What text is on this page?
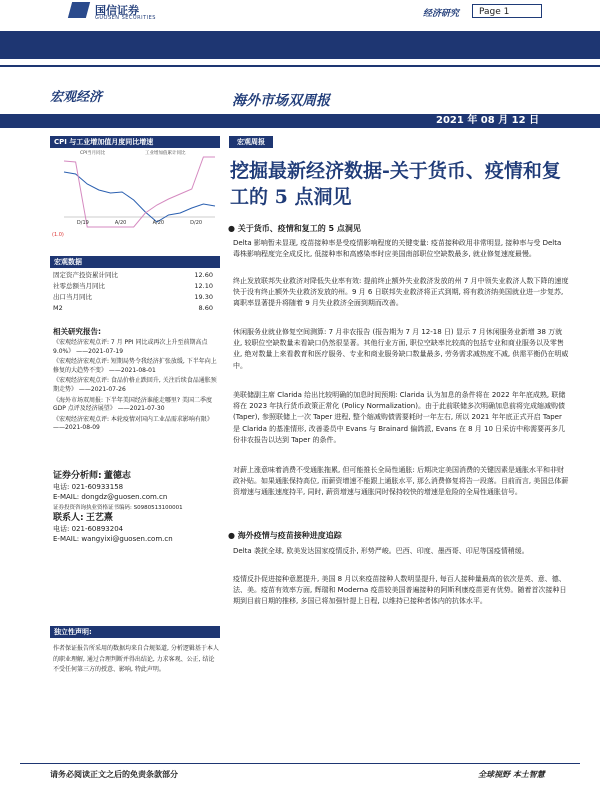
国信证券
GUOSEN SECURITIES	经济研究	Page 1
宏观经济	海外市场双周报
2021 年 08 月 12 日
CPI 与工业增加值月度同比增速
CPI当月同比	工业增加值累计同比
D/19	A/20	A/20	D/20
(1.0)
宏观数据
固定资产投资累计同比	12.60
社零总额当月同比	12.10
出口当月同比	19.30
M2	8.60
相关研究报告:
《宏观经济宏观点评: 7 月 PPI 同比或再次上升至前期高点 9.0%》 ——2021-07-19
《宏观经济宏观点评: 短期局势令我经济扩张放缓, 下半年向上修复的大趋势不变》 ——2021-08-01
《宏观经济宏观点评: 食品价格止跌回升, 关注后续食品通胀预期走势》 ——2021-07-26
《海外市场双周报: 下半年美国经济谁能走哪里? 美国二季度 GDP 点评及经济展望》 ——2021-07-30
《宏观经济宏观点评: 本轮疫情对国内工业品需求影响有限》 ——2021-08-09
证券分析师: 董德志
电话: 021-60933158
E-MAIL: dongdz@guosen.com.cn
证券投资咨询执业资格证书编码: S0980513100001
联系人: 王艺熹
电话: 021-60893204
E-MAIL: wangyixi@guosen.com.cn
独立性声明:
作者保证报告所采用的数据均来自合规渠道, 分析逻辑基于本人的职业理解, 通过合理判断并得出结论, 力求客观、公正, 结论不受任何第三方的授意、影响, 特此声明。
宏观周报
挖掘最新经济数据-关于货币、疫情和复工的 5 点洞见
● 关于货币、疫情和复工的 5 点洞见
Delta 影响暂未显现, 疫苗接种率是受疫情影响程度的关键变量: 疫苗接种政用非常明显, 接种率与受 Delta 毒株影响程度完全成反比, 低接种率和高感染率时应美国南部职位空缺数最多, 就业修复速度最慢。
终止发放联邦失业救济对降低失业率有效: 提前终止额外失业救济发放的州 7 月中领失业救济人数下降的速度快于没有终止额外失业救济发放的州。9 月 6 日联邦失业救济将正式到期, 将有救济纳美国就业进一步复苏, 离职率显著提升将随着 9 月失业救济全面到期而改善。
休闲服务业就业修复空间测算: 7 月非农报告 (报告期为 7 月 12-18 日) 显示 7 月休闲服务业新增 38 万就业, 较职位空缺数量未看缺口仍然很显著。其他行业方面, 职位空缺率比较高的包括专业和商业服务以及零售业, 绝对数量上来看教育和医疗服务、专业和商业服务缺口数量最多, 劳务需求减热度不减, 供需平衡仍在明威中。
美联储副主席 Clarida 给出比较明确的加息时间预期: Clarida 认为加息的条件将在 2022 年年底成熟, 联储将在 2023 年执行货币政策正常化 (Policy Normalization)。由于此前联储多次明确加息前将完成缩减购债 (Taper), 参照联储上一次 Taper 进程, 整个缩减购债需要耗时一年左右, 所以 2021 年年底正式开启 Taper 是 Clarida 的基准情形, 改善委员中 Evans 与 Brainard 偏鸽派, Evans 在 8 月 10 日采访中称需要再多几份非农报告以达到 Taper 的条件。
对薪上涨意味着消费不受通胀拖累, 但可能推长全局性通胀: 后期决定美国消费的关键因素是通胀水平和非财政补贴。如果通胀保持高位, 而薪资增速不能跟上通胀水平, 那么消费修复将告一段落。目前而言, 美国总体薪资增速与通胀速度持平, 同时, 薪资增速与通胀同时保持较快的增速是危险的全局性通胀信号。
● 海外疫情与疫苗接种进度追踪
Delta 袭扰全球, 欧美发达国家疫情反扑, 形势严峻。巴西、印度、墨西哥、印尼等国疫情稍缓。
疫情反扑促进接种意愿提升, 美国 8 月以来疫苗接种人数明显提升, 每百人接种量最高的依次是英、意、德、法、美。疫苗有效率方面, 辉瑞和 Moderna 疫苗较美国普遍接种的阿斯利康疫苗更有优势。随着首次接种日期到目前日期的推移, 多国已将加强针提上日程, 以维持已接种者体内的抗体水平。
请务必阅读正文之后的免责条款部分	全球视野 本土智慧
